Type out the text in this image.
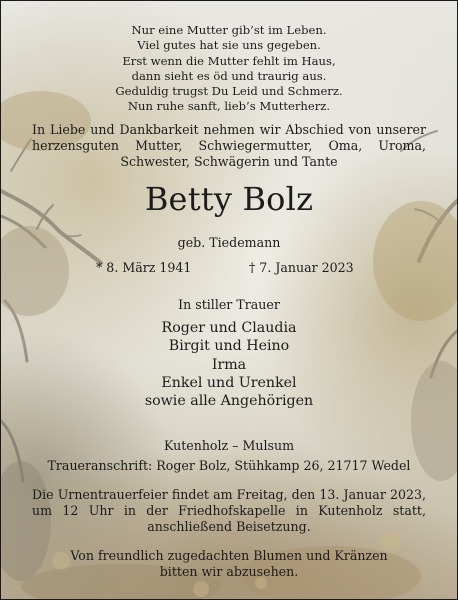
Nur eine Mutter gib’st im Leben.
Viel gutes hat sie uns gegeben.
Erst wenn die Mutter fehlt im Haus,
dann sieht es öd und traurig aus.
Geduldig trugst Du Leid und Schmerz.
Nun ruhe sanft, lieb’s Mutterherz.
In Liebe und Dankbarkeit nehmen wir Abschied von unserer herzensguten Mutter, Schwiegermutter, Oma, Uroma, Schwester, Schwägerin und Tante
Betty Bolz
geb. Tiedemann
* 8. März 1941	† 7. Januar 2023
In stiller Trauer
Roger und Claudia
Birgit und Heino
Irma
Enkel und Urenkel
sowie alle Angehörigen
Kutenholz – Mulsum
Traueranschrift: Roger Bolz, Stühkamp 26, 21717 Wedel
Die Urnentrauerfeier findet am Freitag, den 13. Januar 2023, um 12 Uhr in der Friedhofskapelle in Kutenholz statt, anschließend Beisetzung.
Von freundlich zugedachten Blumen und Kränzen
bitten wir abzusehen.
